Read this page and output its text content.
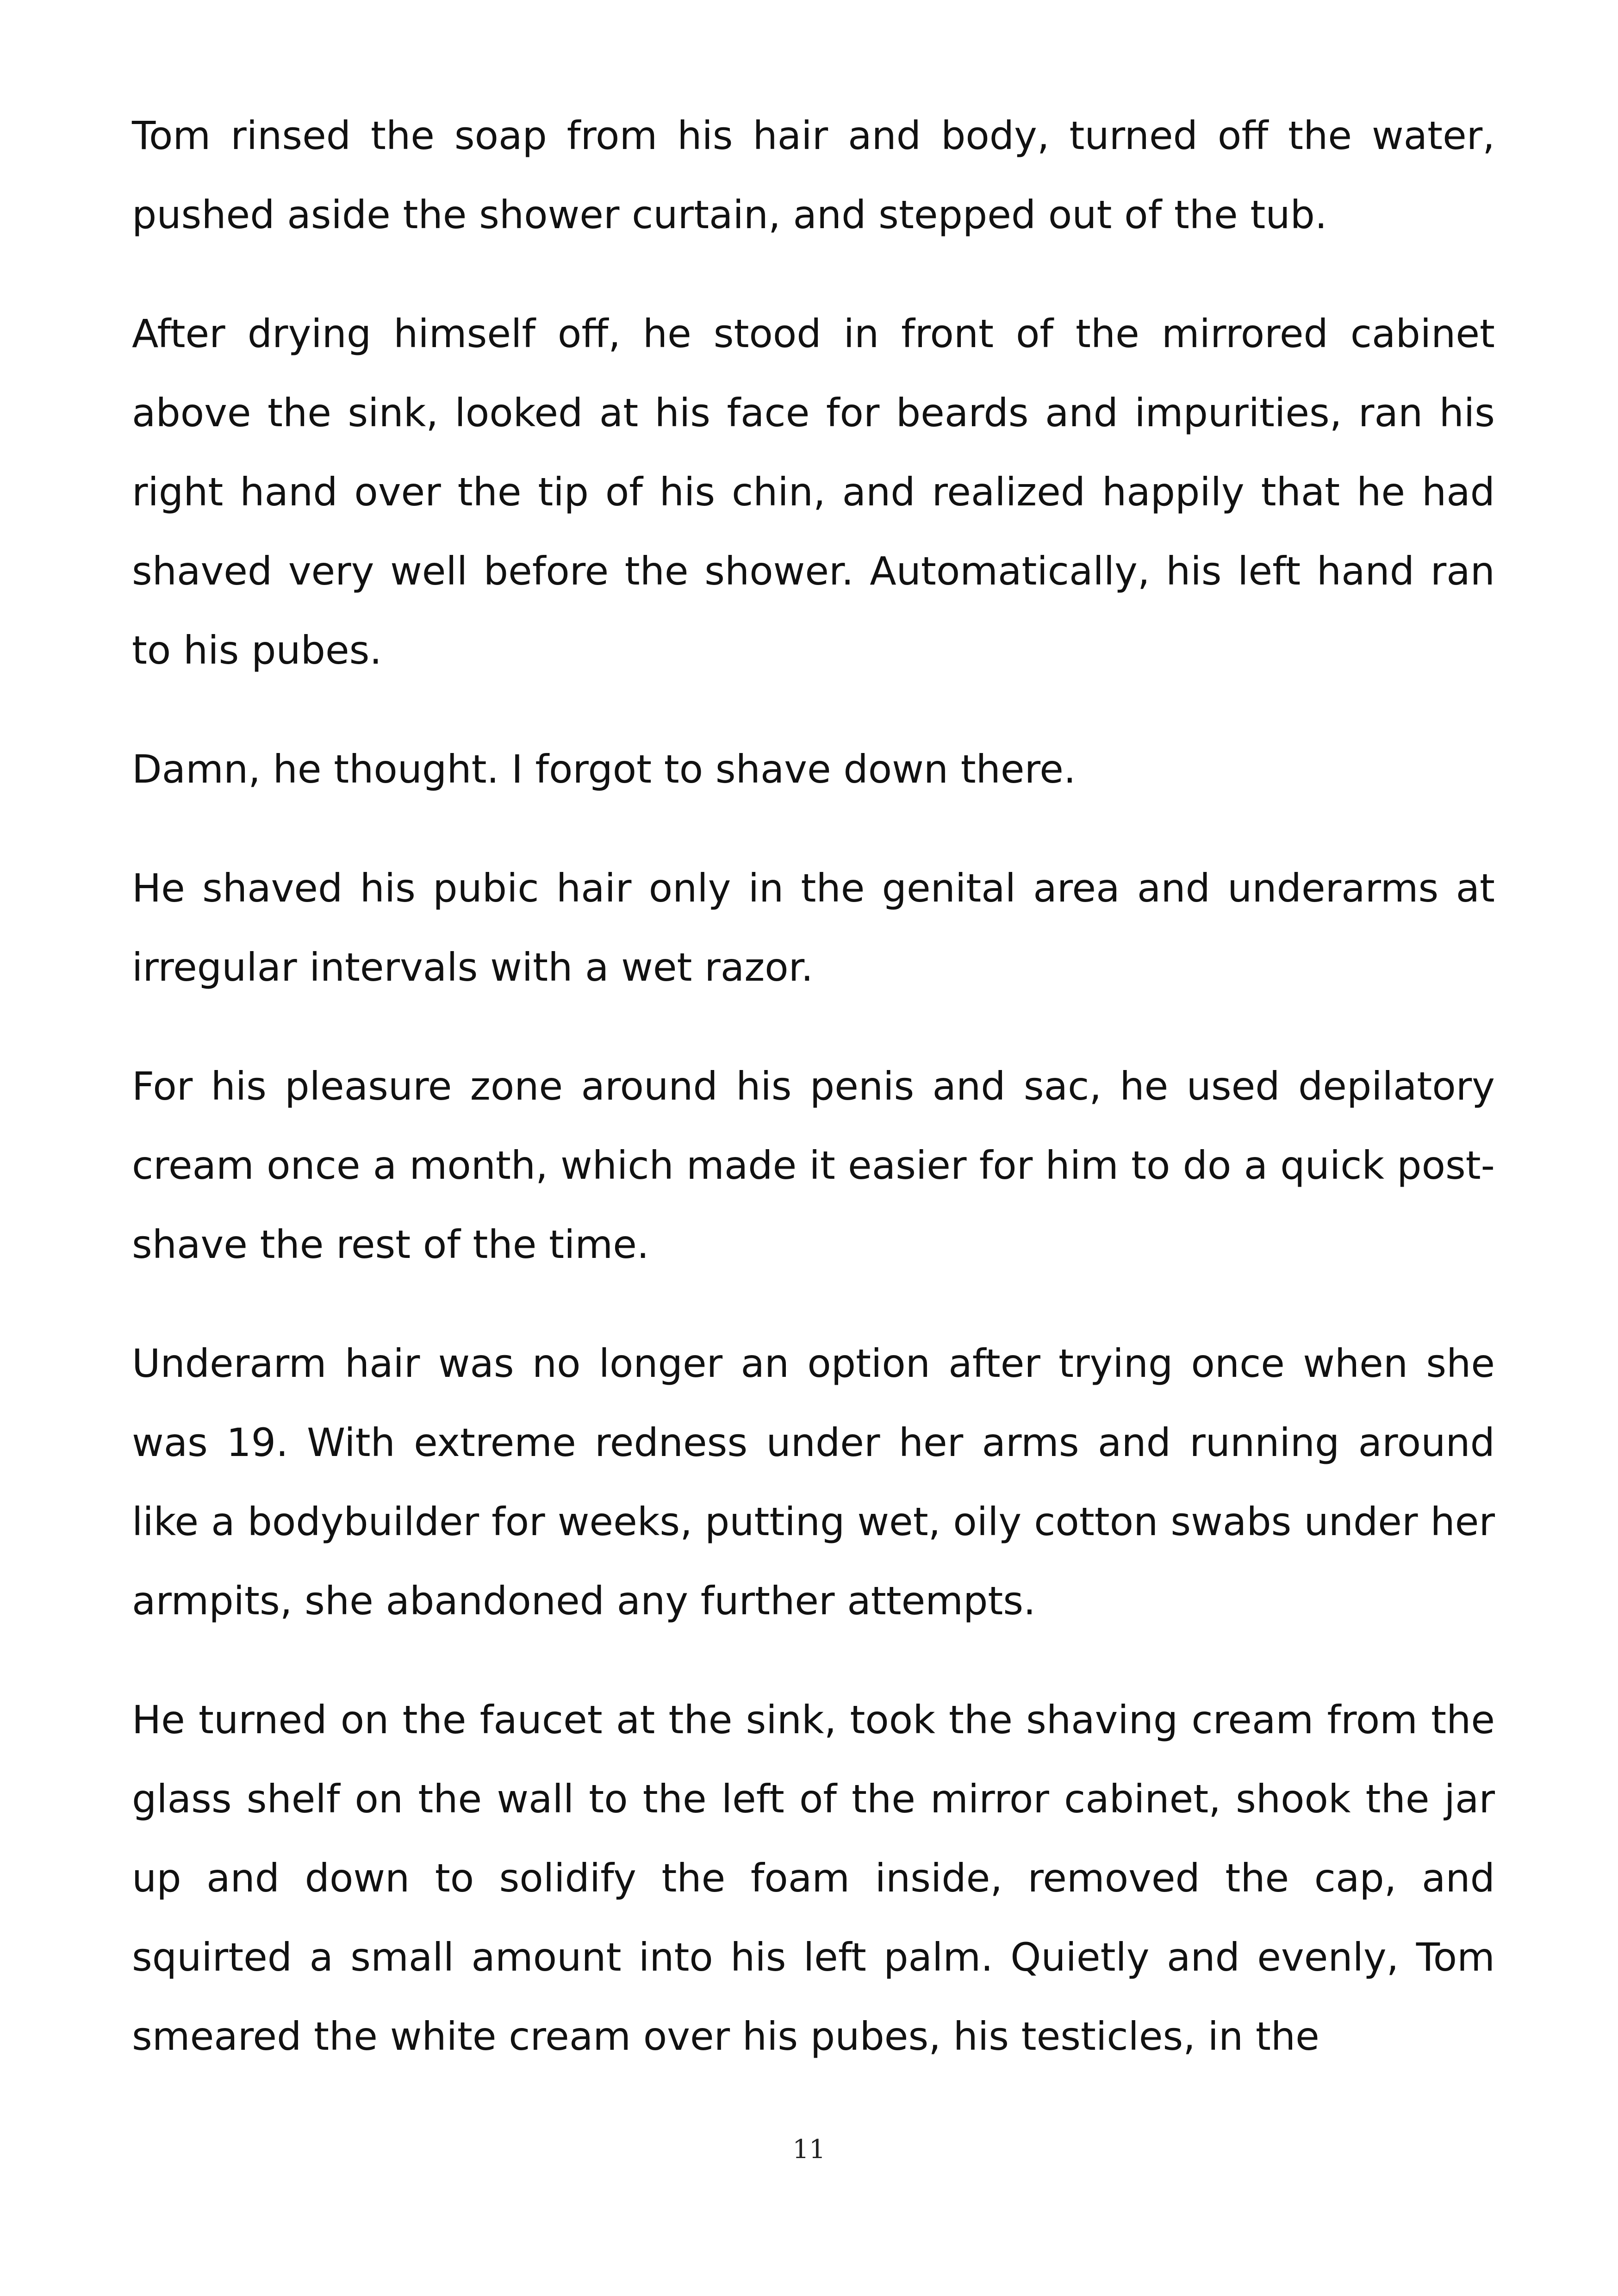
Tom rinsed the soap from his hair and body, turned off the water, pushed aside the shower curtain, and stepped out of the tub.

After drying himself off, he stood in front of the mirrored cabinet above the sink, looked at his face for beards and impurities, ran his right hand over the tip of his chin, and realized happily that he had shaved very well before the shower. Automatically, his left hand ran to his pubes.

Damn, he thought. I forgot to shave down there.

He shaved his pubic hair only in the genital area and underarms at irregular intervals with a wet razor.

For his pleasure zone around his penis and sac, he used depilatory cream once a month, which made it easier for him to do a quick post-shave the rest of the time.

Underarm hair was no longer an option after trying once when she was 19. With extreme redness under her arms and running around like a bodybuilder for weeks, putting wet, oily cotton swabs under her armpits, she abandoned any further attempts.

He turned on the faucet at the sink, took the shaving cream from the glass shelf on the wall to the left of the mirror cabinet, shook the jar up and down to solidify the foam inside, removed the cap, and squirted a small amount into his left palm. Quietly and evenly, Tom smeared the white cream over his pubes, his testicles, in the

11
